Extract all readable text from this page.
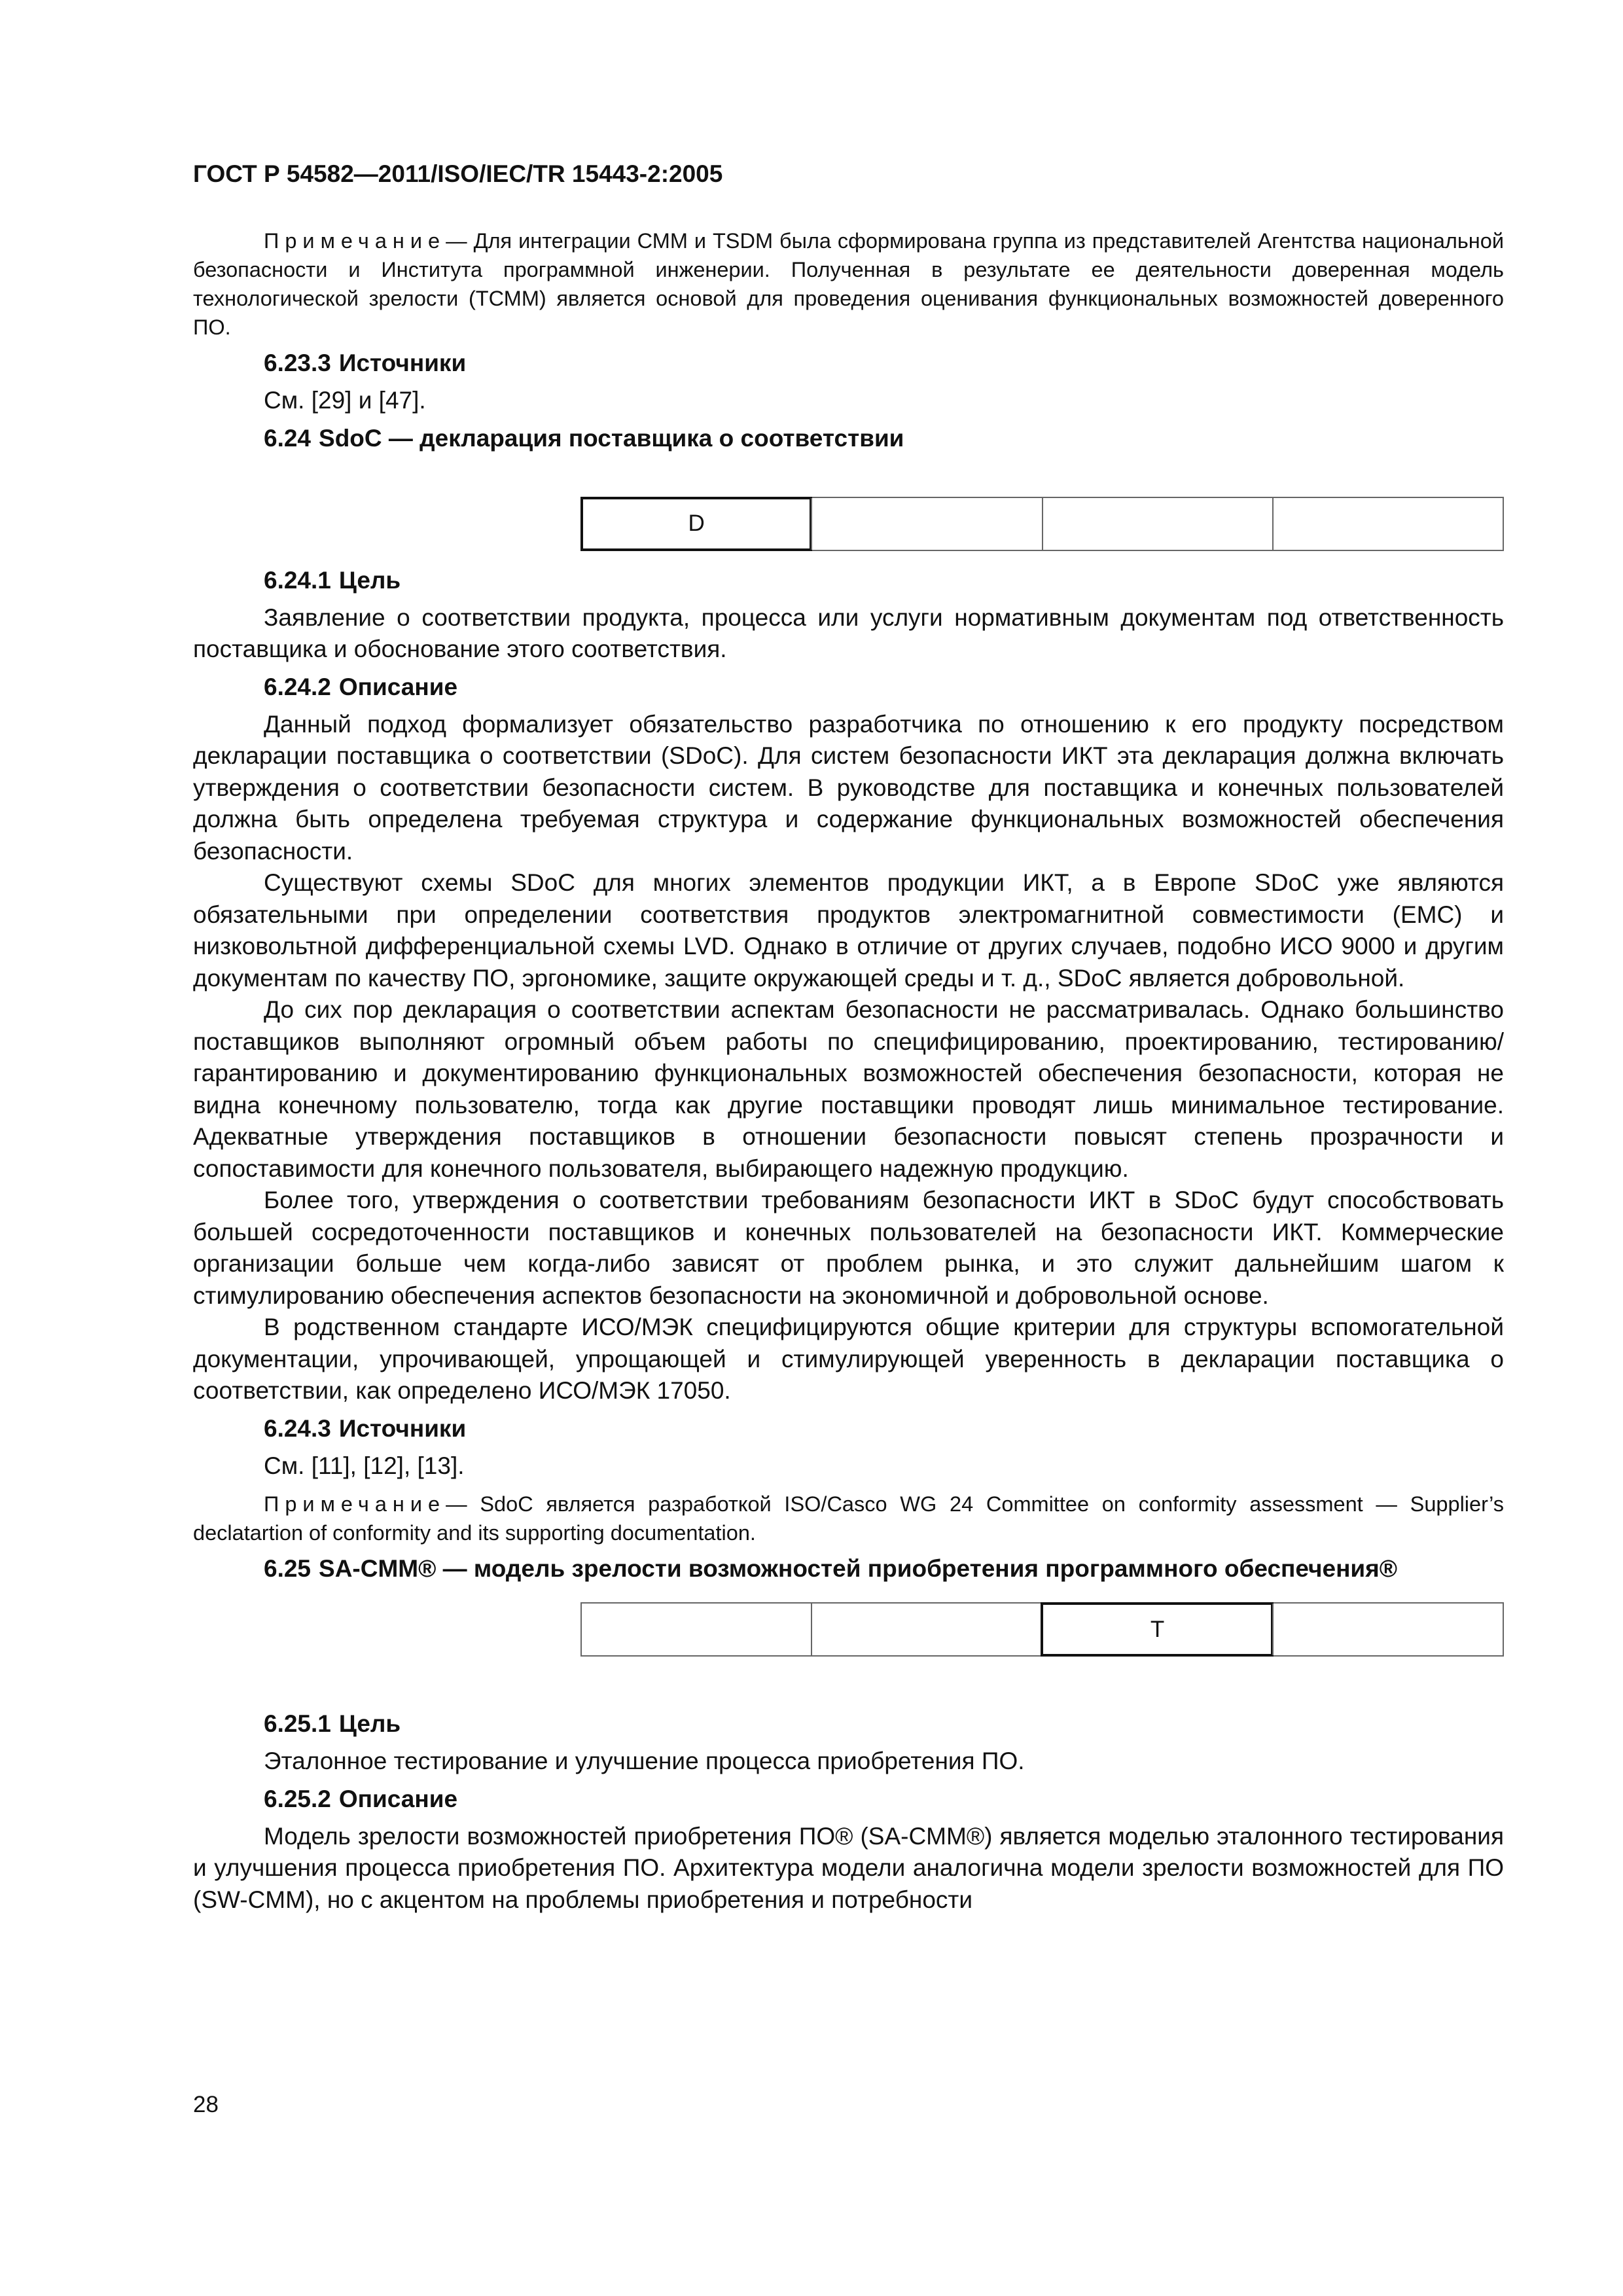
ГОСТ Р 54582—2011/ISO/IEC/TR 15443-2:2005

Примечание— Для интеграции СММ и TSDM была сформирована группа из представителей Агентства национальной безопасности и Института программной инженерии. Полученная в результате ее деятельности доверенная модель технологической зрелости (ТСММ) является основой для проведения оценивания функциональных возможностей доверенного ПО.

6.23.3 Источники

См. [29] и [47].

6.24 SdoC — декларация поставщика о соответствии
D
6.24.1 Цель

Заявление о соответствии продукта, процесса или услуги нормативным документам под ответственность поставщика и обоснование этого соответствия.

6.24.2 Описание

Данный подход формализует обязательство разработчика по отношению к его продукту посредством декларации поставщика о соответствии (SDoC). Для систем безопасности ИКТ эта декларация должна включать утверждения о соответствии безопасности систем. В руководстве для поставщика и конечных пользователей должна быть определена требуемая структура и содержание функциональных возможностей обеспечения безопасности.

Существуют схемы SDoC для многих элементов продукции ИКТ, а в Европе SDoC уже являются обязательными при определении соответствия продуктов электромагнитной совместимости (ЕМС) и низковольтной дифференциальной схемы LVD. Однако в отличие от других случаев, подобно ИСО 9000 и другим документам по качеству ПО, эргономике, защите окружающей среды и т. д., SDoC является добровольной.

До сих пор декларация о соответствии аспектам безопасности не рассматривалась. Однако большинство поставщиков выполняют огромный объем работы по специфицированию, проектированию, тестированию/гарантированию и документированию функциональных возможностей обеспечения безопасности, которая не видна конечному пользователю, тогда как другие поставщики проводят лишь минимальное тестирование. Адекватные утверждения поставщиков в отношении безопасности повысят степень прозрачности и сопоставимости для конечного пользователя, выбирающего надежную продукцию.

Более того, утверждения о соответствии требованиям безопасности ИКТ в SDoC будут способствовать большей сосредоточенности поставщиков и конечных пользователей на безопасности ИКТ. Коммерческие организации больше чем когда-либо зависят от проблем рынка, и это служит дальнейшим шагом к стимулированию обеспечения аспектов безопасности на экономичной и добровольной основе.

В родственном стандарте ИСО/МЭК специфицируются общие критерии для структуры вспомогательной документации, упрочивающей, упрощающей и стимулирующей уверенность в декларации поставщика о соответствии, как определено ИСО/МЭК 17050.

6.24.3 Источники

См. [11], [12], [13].

Примечание— SdoC является разработкой ISO/Casco WG 24 Committee on conformity assessment — Supplier’s declatartion of conformity and its supporting documentation.

6.25 SA-CMM® — модель зрелости возможностей приобретения программного обеспечения®
T
6.25.1 Цель

Эталонное тестирование и улучшение процесса приобретения ПО.

6.25.2 Описание

Модель зрелости возможностей приобретения ПО® (SA-CMM®) является моделью эталонного тестирования и улучшения процесса приобретения ПО. Архитектура модели аналогична модели зрелости возможностей для ПО (SW-CMM), но с акцентом на проблемы приобретения и потребности

28
